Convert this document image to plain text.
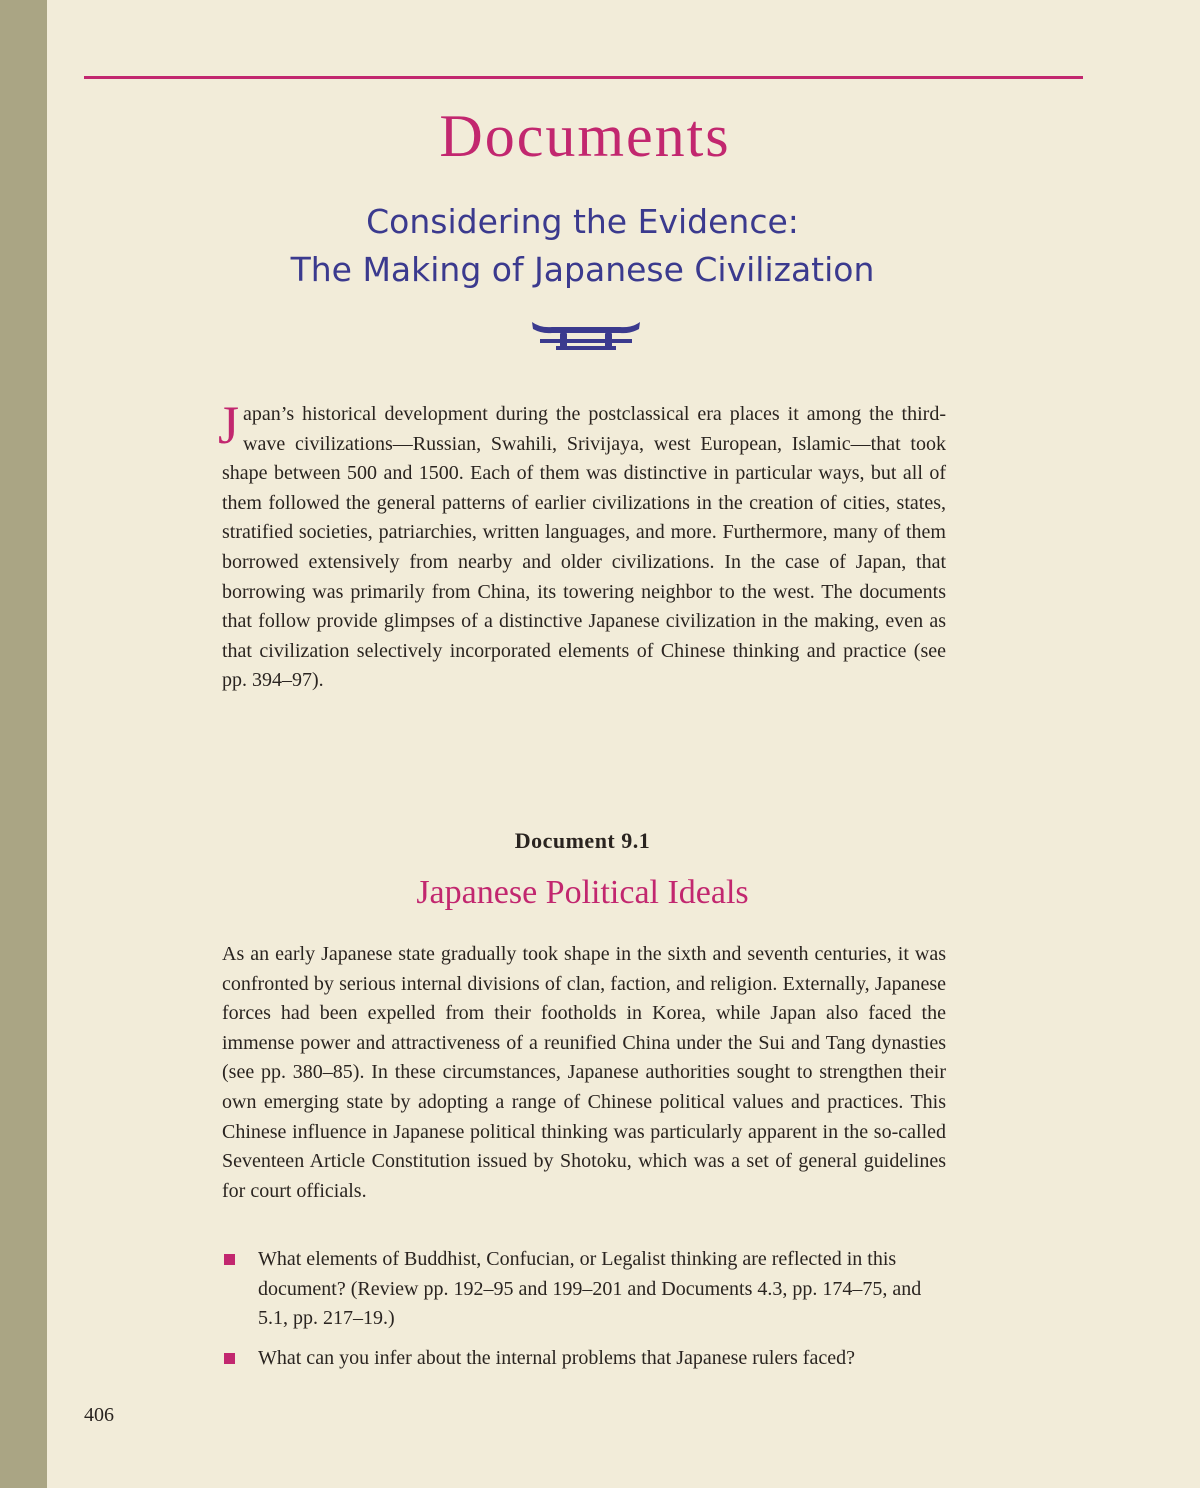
Documents
Considering the Evidence:
The Making of Japanese Civilization
Japan’s historical development during the postclassical era places it among the third-wave civilizations—Russian, Swahili, Srivijaya, west European, Islamic—that took shape between 500 and 1500. Each of them was distinctive in particular ways, but all of them followed the general patterns of earlier civilizations in the creation of cities, states, stratified societies, patriarchies, written languages, and more. Furthermore, many of them borrowed extensively from nearby and older civilizations. In the case of Japan, that borrowing was primarily from China, its towering neighbor to the west. The documents that follow provide glimpses of a distinctive Japanese civilization in the making, even as that civilization selectively incorporated elements of Chinese thinking and practice (see pp. 394–97).
Document 9.1
Japanese Political Ideals
As an early Japanese state gradually took shape in the sixth and seventh centuries, it was confronted by serious internal divisions of clan, faction, and religion. Externally, Japanese forces had been expelled from their footholds in Korea, while Japan also faced the immense power and attractiveness of a reunified China under the Sui and Tang dynasties (see pp. 380–85). In these circumstances, Japanese authorities sought to strengthen their own emerging state by adopting a range of Chinese political values and practices. This Chinese influence in Japanese political thinking was particularly apparent in the so-called Seventeen Article Constitution issued by Shotoku, which was a set of general guidelines for court officials.
What elements of Buddhist, Confucian, or Legalist thinking are reflected in this document? (Review pp. 192–95 and 199–201 and Documents 4.3, pp. 174–75, and 5.1, pp. 217–19.)
What can you infer about the internal problems that Japanese rulers faced?
406
